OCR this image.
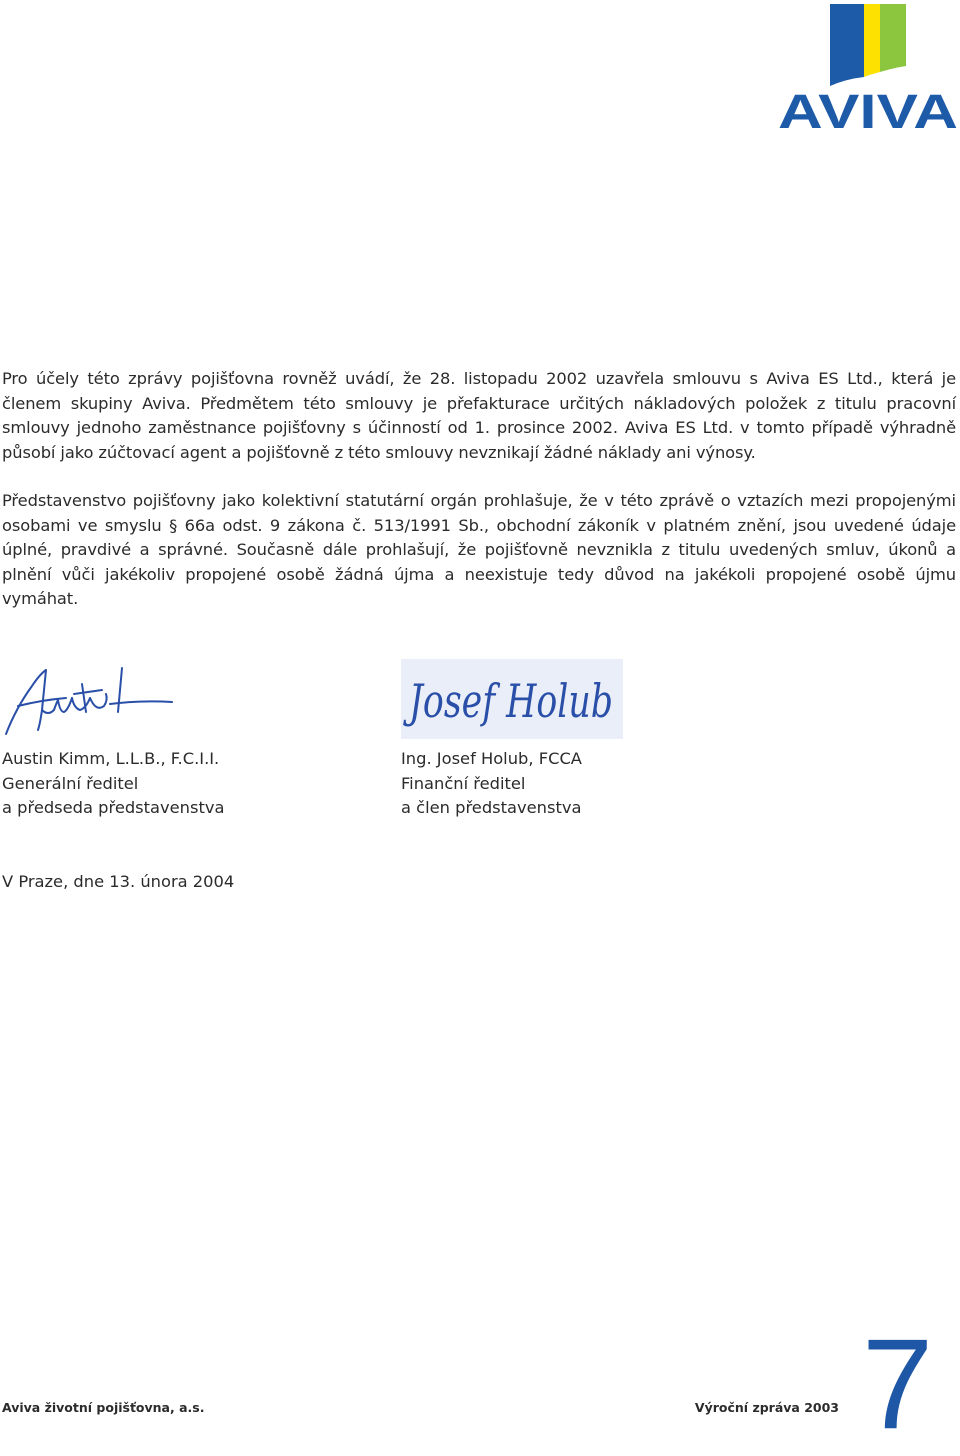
AVIVA

Pro účely této zprávy pojišťovna rovněž uvádí, že 28. listopadu 2002 uzavřela smlouvu s Aviva ES Ltd., která je členem skupiny Aviva. Předmětem této smlouvy je přefakturace určitých nákladových položek z titulu pracovní smlouvy jednoho zaměstnance pojišťovny s účinností od 1. prosince 2002. Aviva ES Ltd. v tomto případě výhradně působí jako zúčtovací agent a pojišťovně z této smlouvy nevznikají žádné náklady ani výnosy.

Představenstvo pojišťovny jako kolektivní statutární orgán prohlašuje, že v této zprávě o vztazích mezi propojenými osobami ve smyslu § 66a odst. 9 zákona č. 513/1991 Sb., obchodní zákoník v platném znění, jsou uvedené údaje úplné, pravdivé a správné. Současně dále prohlašují, že pojišťovně nevznikla z titulu uvedených smluv, úkonů a plnění vůči jakékoliv propojené osobě žádná újma a neexistuje tedy důvod na jakékoli propojené osobě újmu vymáhat.

Josef Holub
Austin Kimm, L.L.B., F.C.I.I.
Generální ředitel
a předseda představenstva
Ing. Josef Holub, FCCA
Finanční ředitel
a člen představenstva
V Praze, dne 13. února 2004
Aviva životní pojišťovna, a.s.	Výroční zpráva 2003 7
